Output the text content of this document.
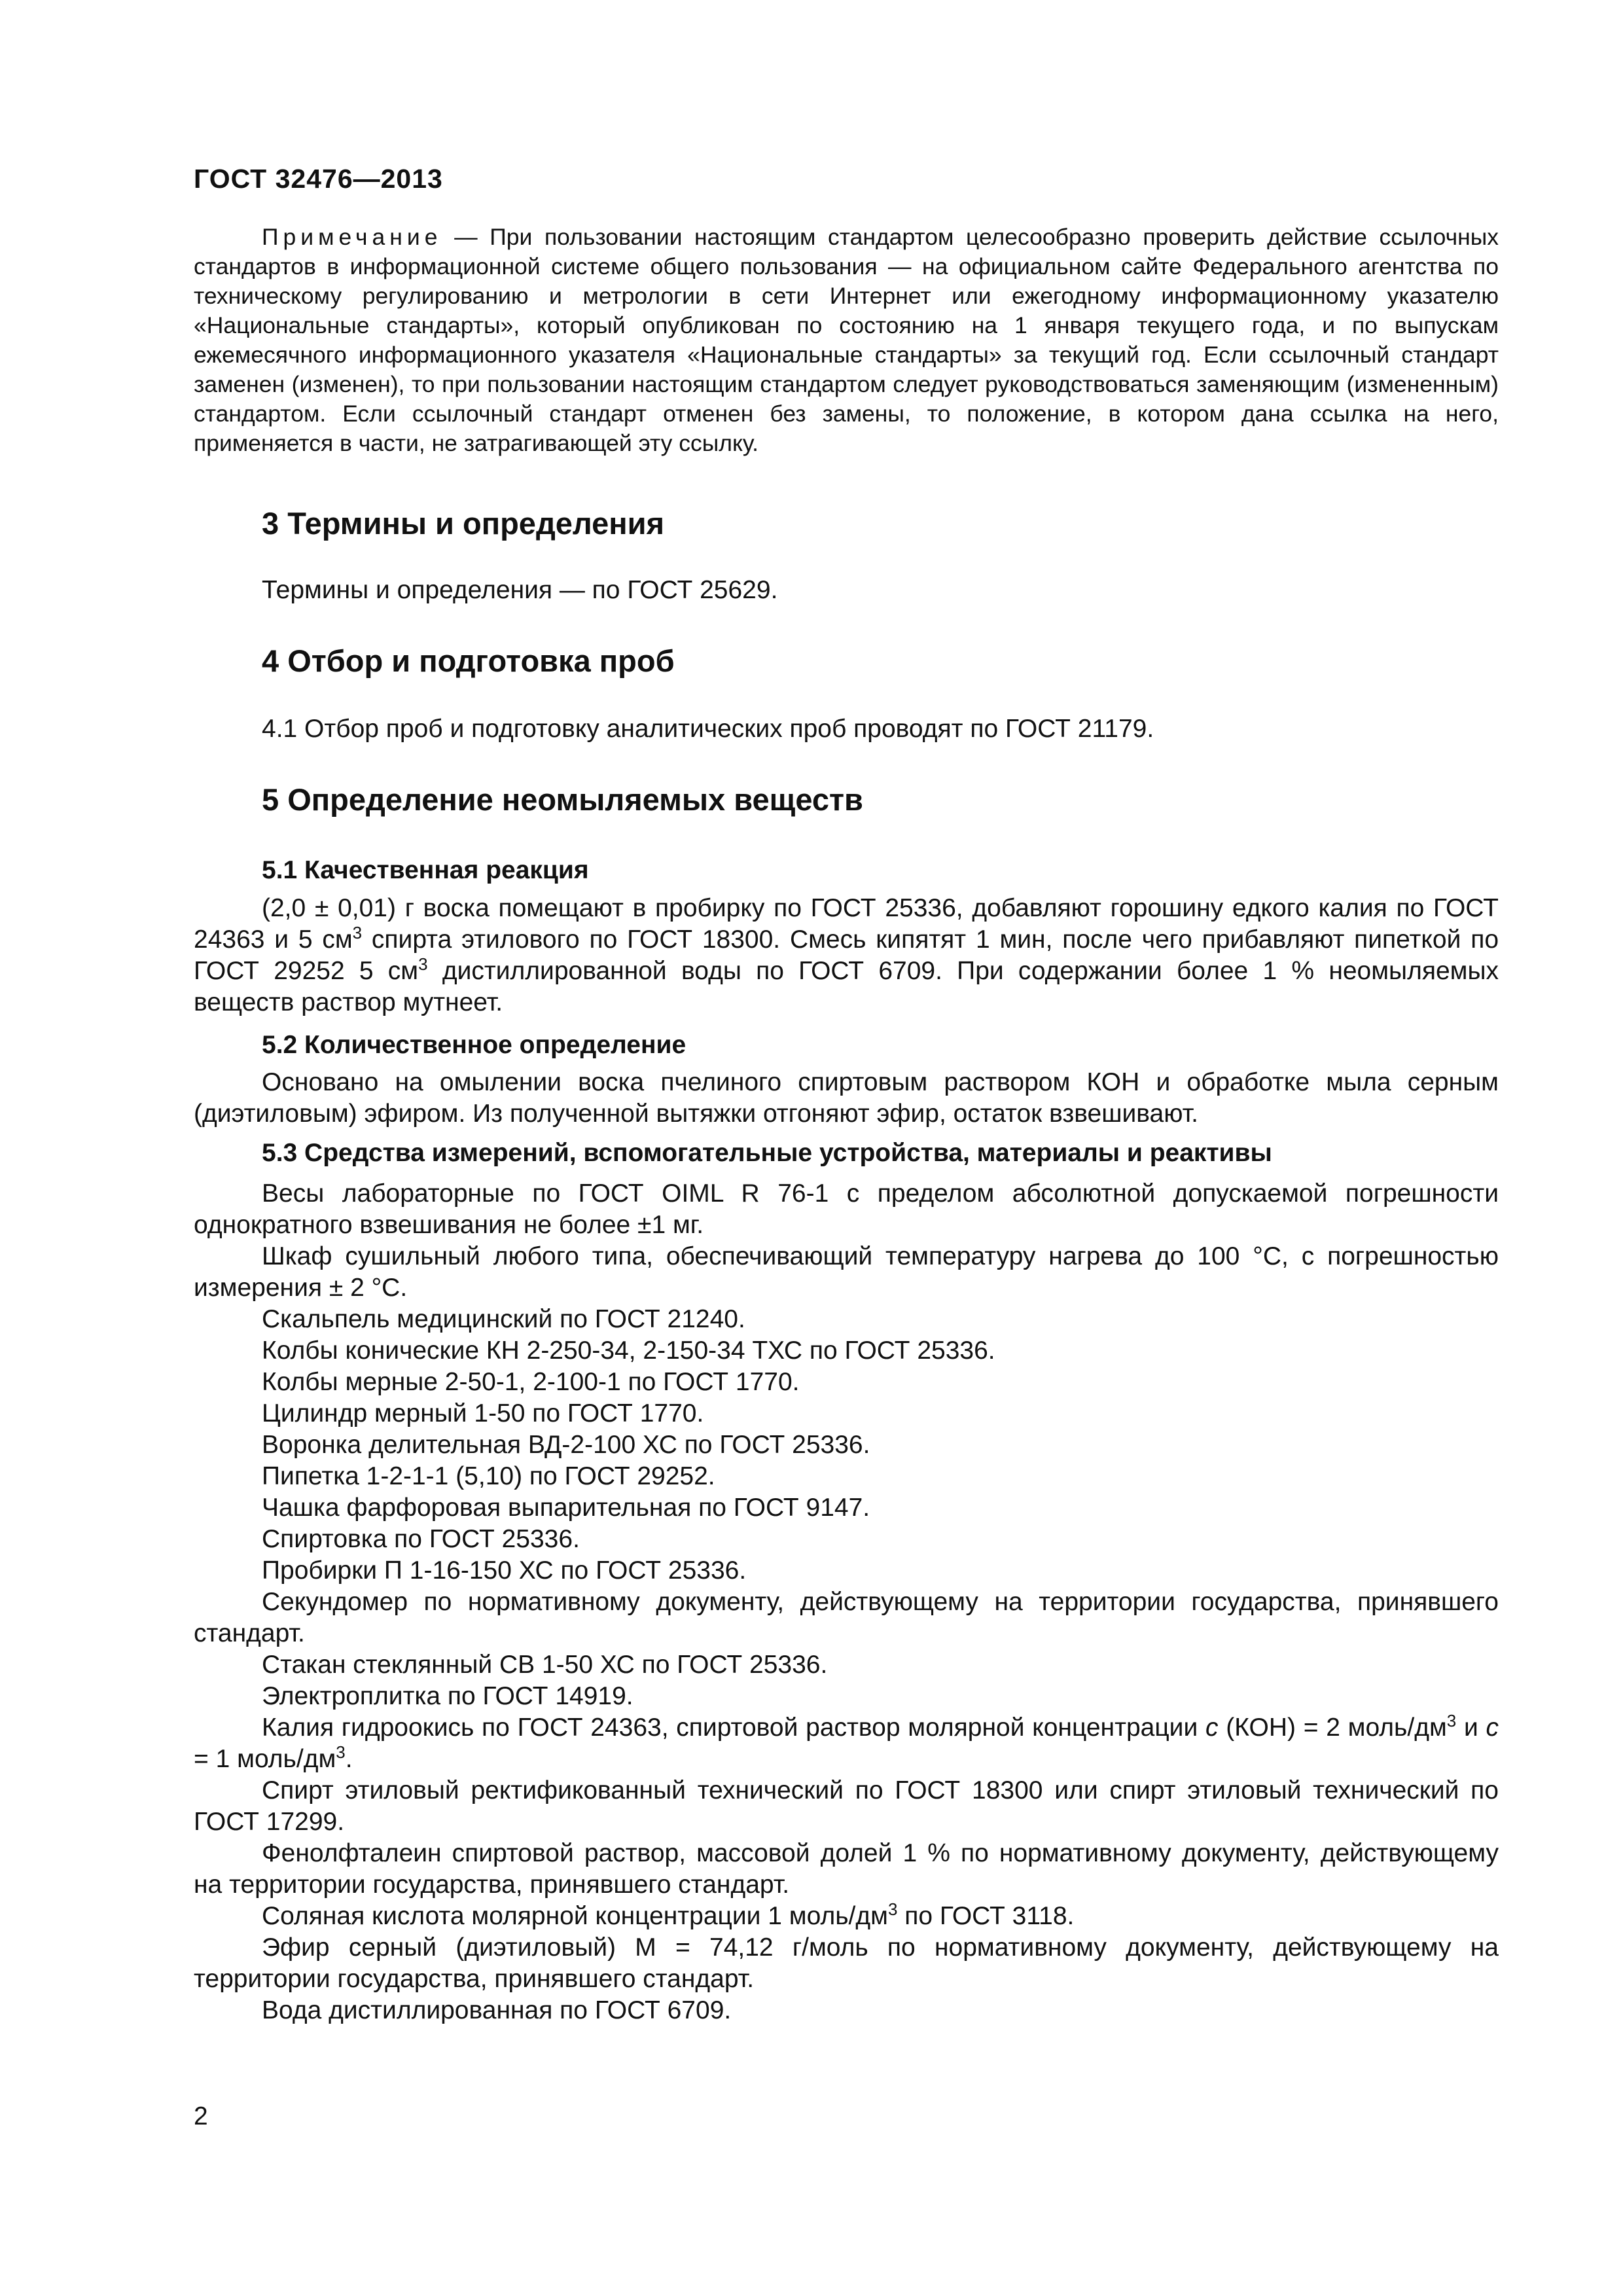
ГОСТ 32476—2013
Примечание — При пользовании настоящим стандартом целесообразно проверить действие ссылочных стандартов в информационной системе общего пользования — на официальном сайте Федерального агентства по техническому регулированию и метрологии в сети Интернет или ежегодному информационному указателю «Национальные стандарты», который опубликован по состоянию на 1 января текущего года, и по выпускам ежемесячного информационного указателя «Национальные стандарты» за текущий год. Если ссылочный стандарт заменен (изменен), то при пользовании настоящим стандартом следует руководствоваться заменяющим (измененным) стандартом. Если ссылочный стандарт отменен без замены, то положение, в котором дана ссылка на него, применяется в части, не затрагивающей эту ссылку.
3 Термины и определения
Термины и определения — по ГОСТ 25629.
4 Отбор и подготовка проб
4.1 Отбор проб и подготовку аналитических проб проводят по ГОСТ 21179.
5 Определение неомыляемых веществ
5.1 Качественная реакция
(2,0 ± 0,01) г воска помещают в пробирку по ГОСТ 25336, добавляют горошину едкого калия по ГОСТ 24363 и 5 $см^3$ спирта этилового по ГОСТ 18300. Смесь кипятят 1 мин, после чего прибавляют пипеткой по ГОСТ 29252 5 $см^3$ дистиллированной воды по ГОСТ 6709. При содержании более 1 % неомыляемых веществ раствор мутнеет.
5.2 Количественное определение
Основано на омылении воска пчелиного спиртовым раствором КОН и обработке мыла серным (диэтиловым) эфиром. Из полученной вытяжки отгоняют эфир, остаток взвешивают.
5.3 Средства измерений, вспомогательные устройства, материалы и реактивы
Весы лабораторные по ГОСТ OIML R 76-1 с пределом абсолютной допускаемой погрешности однократного взвешивания не более ±1 мг.
Шкаф сушильный любого типа, обеспечивающий температуру нагрева до 100 °С, с погрешностью измерения ± 2 °С.
Скальпель медицинский по ГОСТ 21240.
Колбы конические КН 2-250-34, 2-150-34 ТХС по ГОСТ 25336.
Колбы мерные 2-50-1, 2-100-1 по ГОСТ 1770.
Цилиндр мерный 1-50 по ГОСТ 1770.
Воронка делительная ВД-2-100 ХС по ГОСТ 25336.
Пипетка 1-2-1-1 (5,10) по ГОСТ 29252.
Чашка фарфоровая выпарительная по ГОСТ 9147.
Спиртовка по ГОСТ 25336.
Пробирки П 1-16-150 ХС по ГОСТ 25336.
Секундомер по нормативному документу, действующему на территории государства, принявшего стандарт.
Стакан стеклянный СВ 1-50 ХС по ГОСТ 25336.
Электроплитка по ГОСТ 14919.
Калия гидроокись по ГОСТ 24363, спиртовой раствор молярной концентрации c (КОН) = 2 моль/$дм^3$ и c = 1 моль/$дм^3$.
Спирт этиловый ректификованный технический по ГОСТ 18300 или спирт этиловый технический по ГОСТ 17299.
Фенолфталеин спиртовой раствор, массовой долей 1 % по нормативному документу, действующему на территории государства, принявшего стандарт.
Соляная кислота молярной концентрации 1 моль/$дм^3$ по ГОСТ 3118.
Эфир серный (диэтиловый) М = 74,12 г/моль по нормативному документу, действующему на территории государства, принявшего стандарт.
Вода дистиллированная по ГОСТ 6709.
2
